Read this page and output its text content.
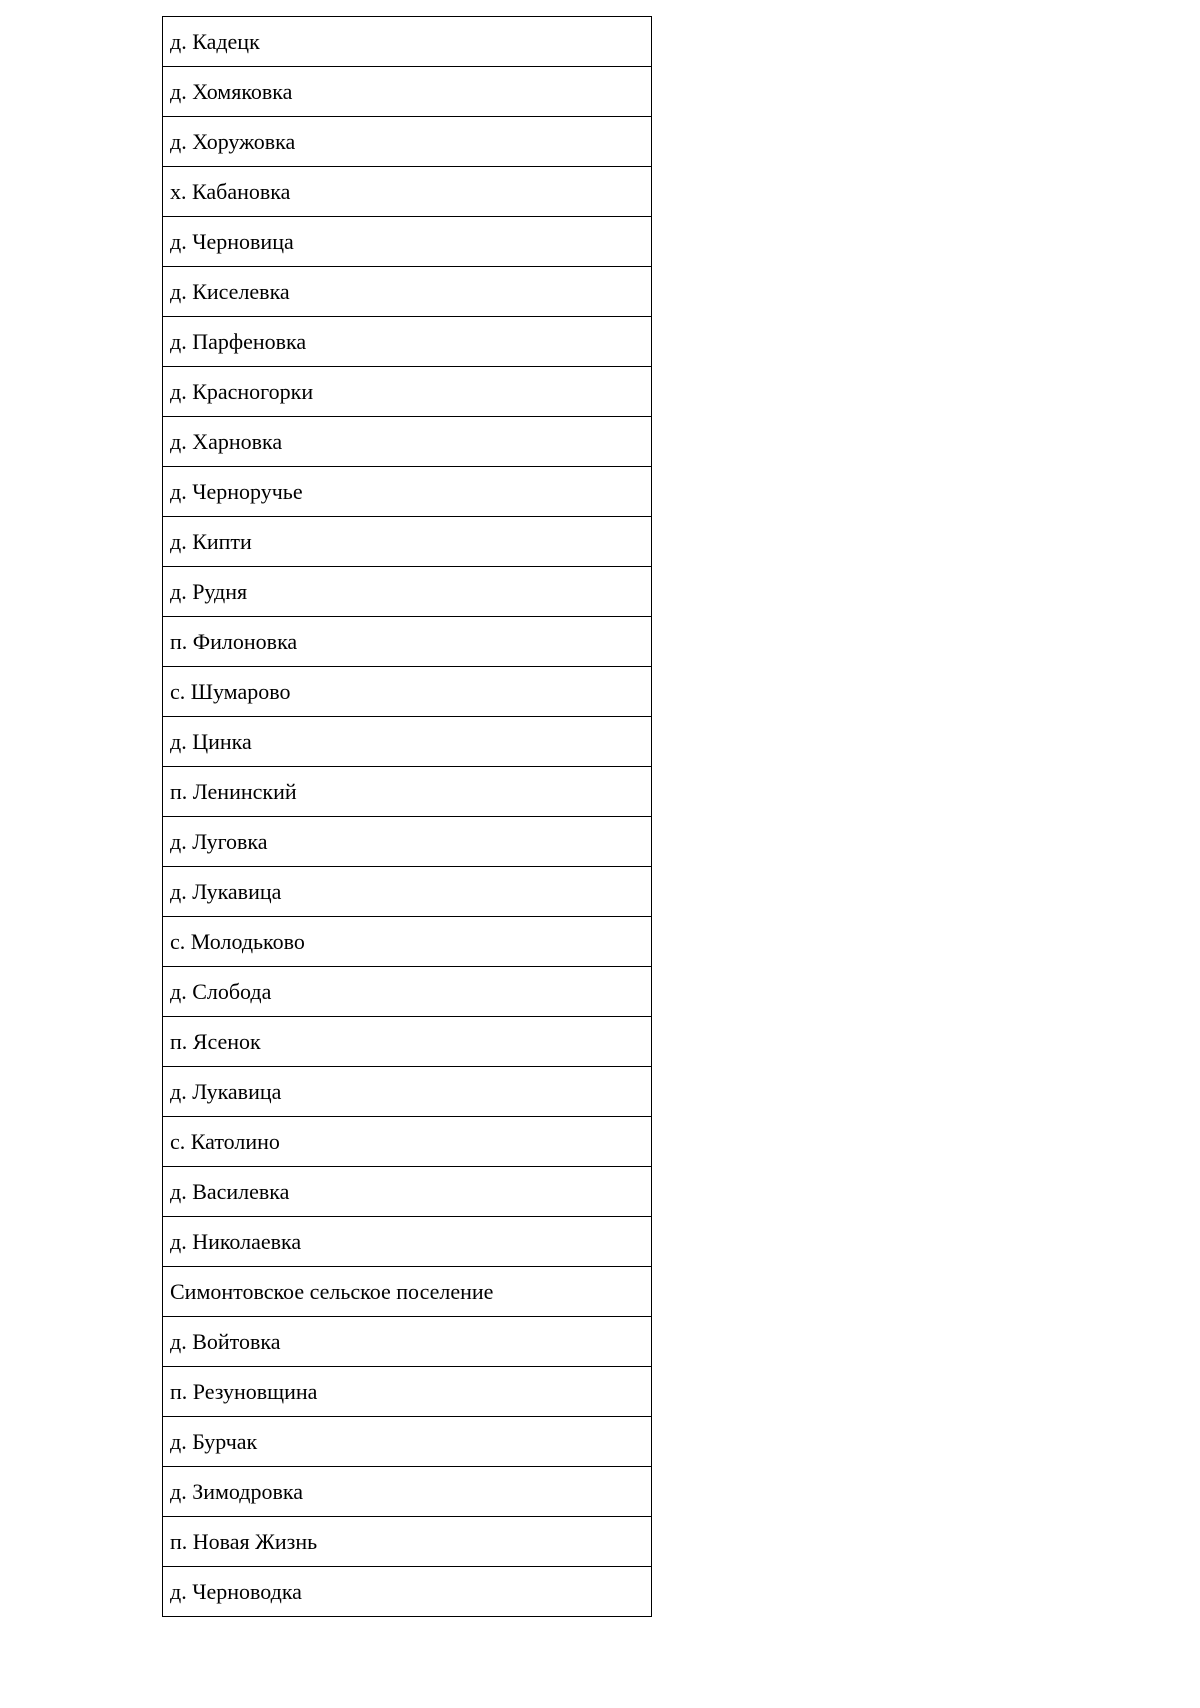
д. Кадецк
д. Хомяковка
д. Хоружовка
х. Кабановка
д. Черновица
д. Киселевка
д. Парфеновка
д. Красногорки
д. Харновка
д. Черноручье
д. Кипти
д. Рудня
п. Филоновка
с. Шумарово
д. Цинка
п. Ленинский
д. Луговка
д. Лукавица
с. Молодьково
д. Слобода
п. Ясенок
д. Лукавица
с. Католино
д. Василевка
д. Николаевка
Симонтовское сельское поселение
д. Войтовка
п. Резуновщина
д. Бурчак
д. Зимодровка
п. Новая Жизнь
д. Черноводка
